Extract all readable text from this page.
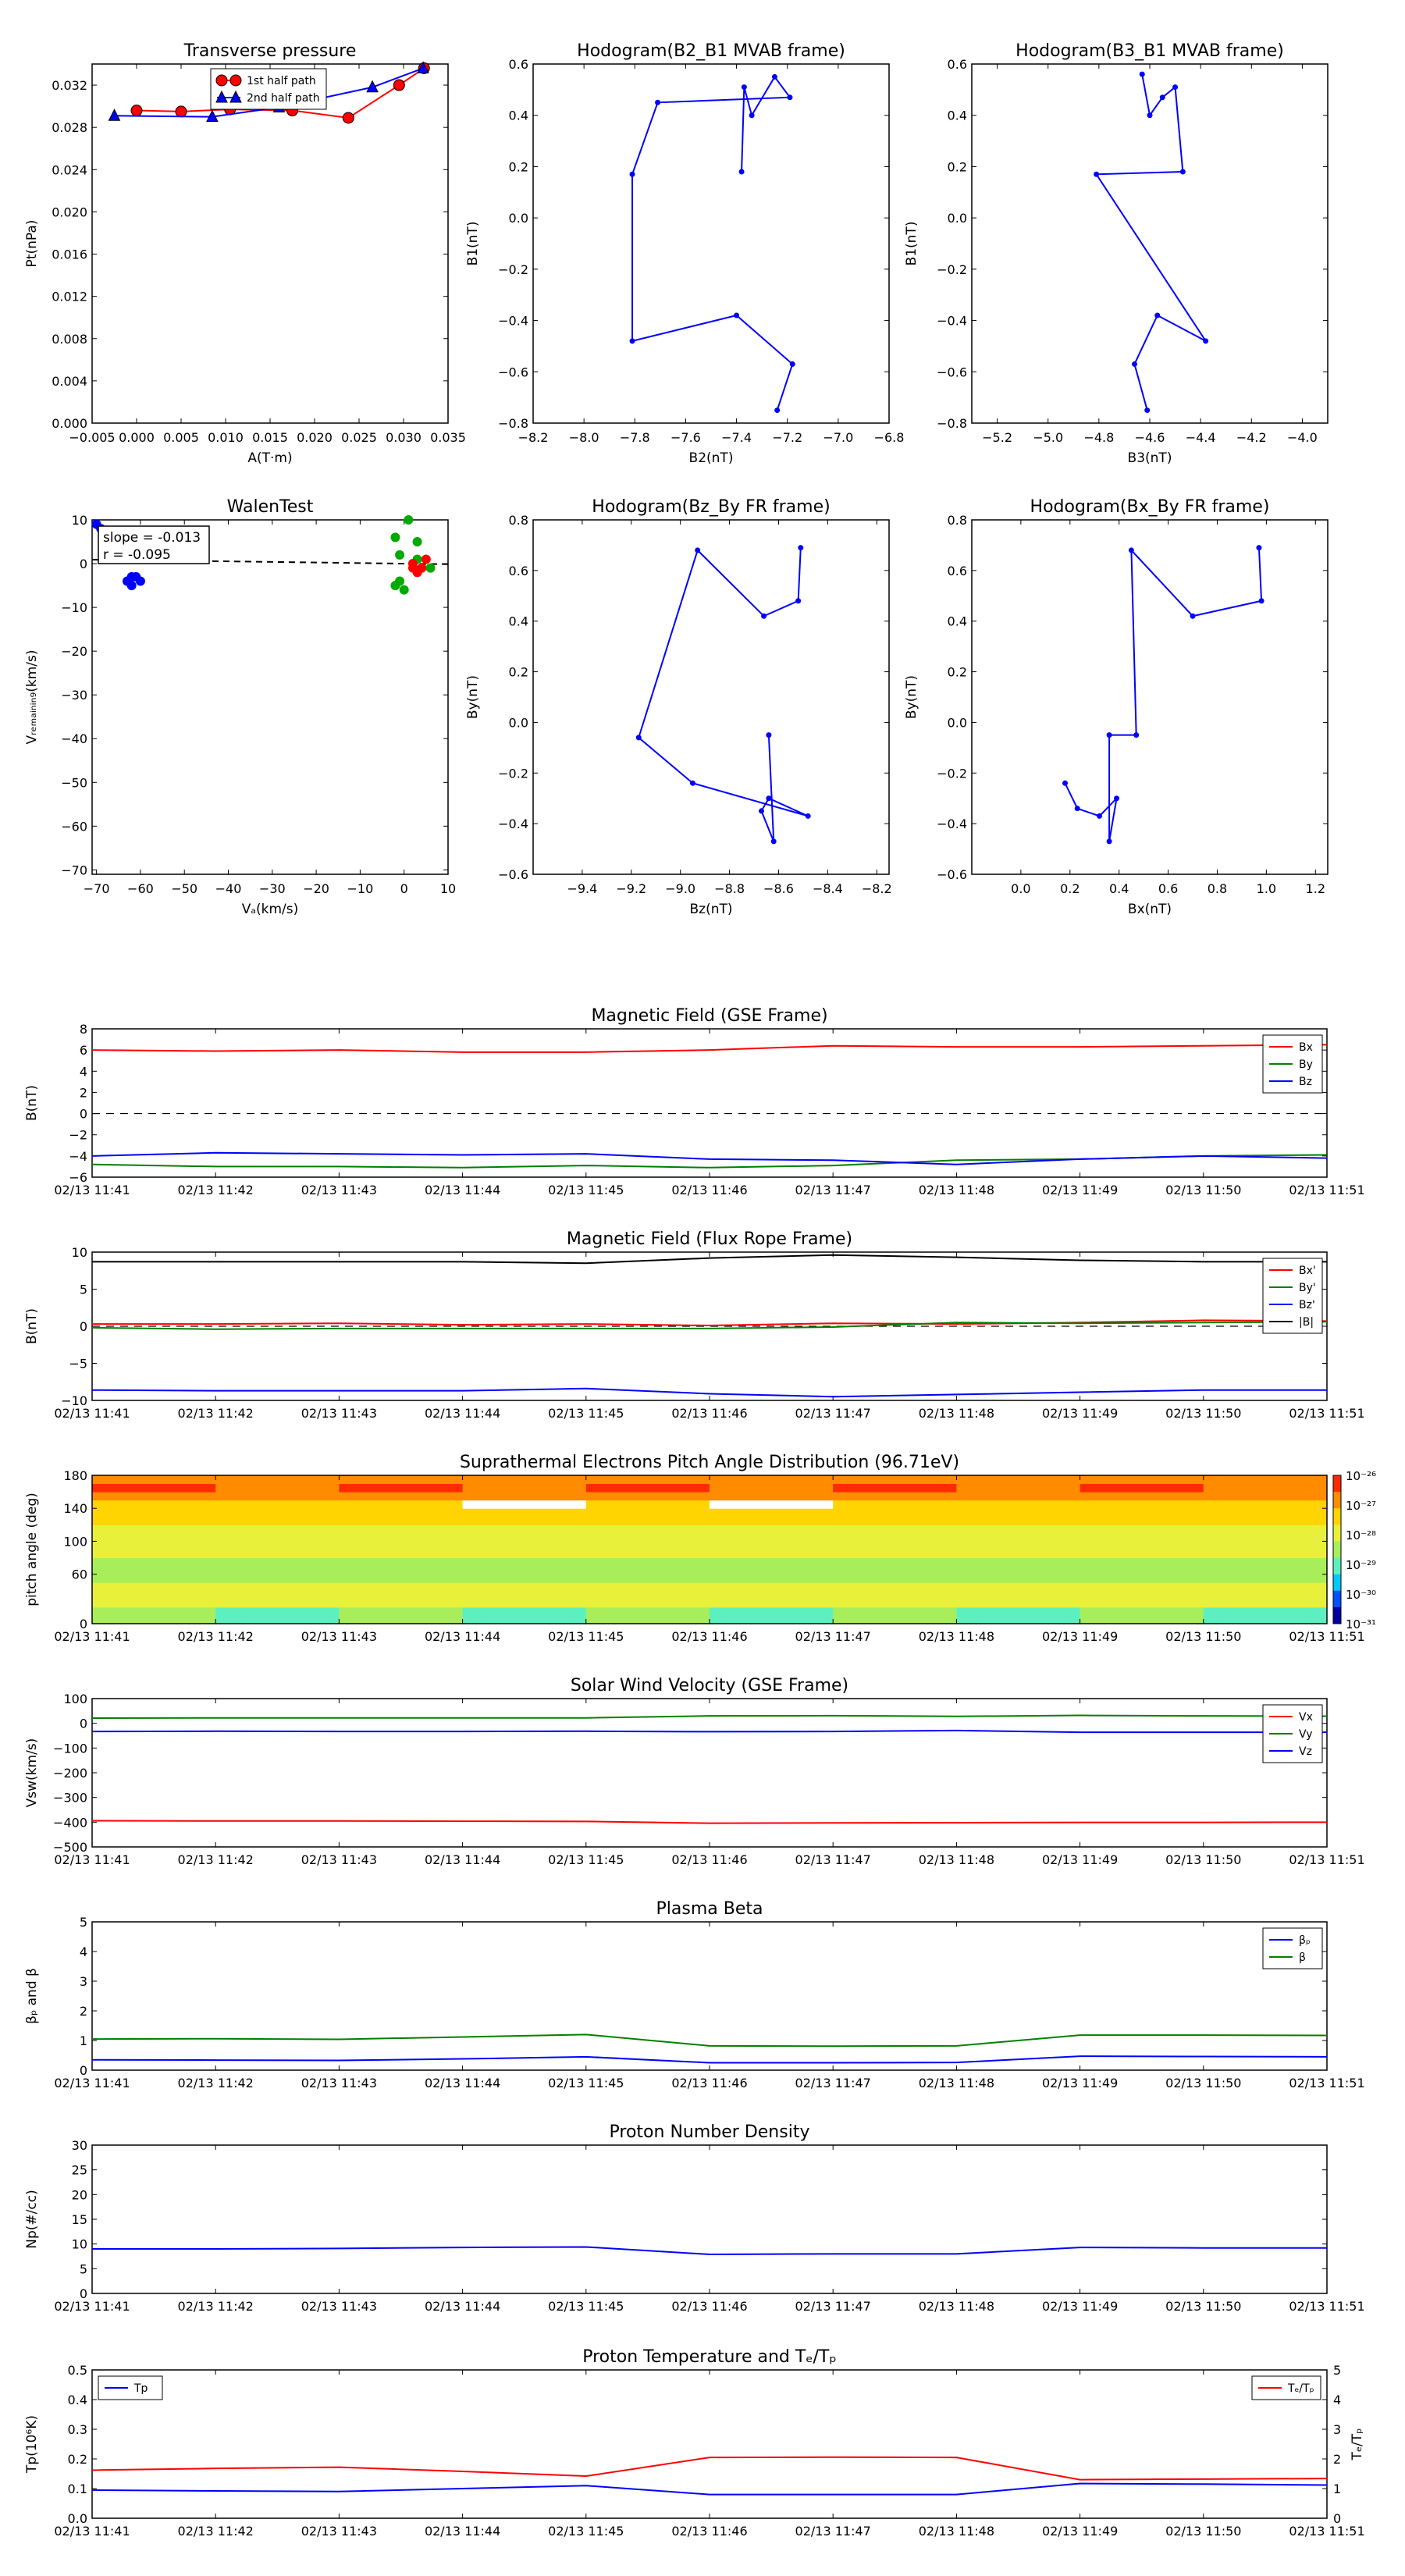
Transverse pressure
0.000
0.004
0.008
0.012
0.016
0.020
0.024
0.028
0.032
Pt(nPa)
−0.005 0.000 0.005 0.010 0.015 0.020 0.025 0.030 0.035
A(T·m)
1st half path
2nd half path
Hodogram(B2_B1 MVAB frame)
−0.8
−0.6
−0.4
−0.2
0.0
0.2
0.4
0.6
B1(nT)
−8.2 −8.0 −7.8 −7.6 −7.4 −7.2 −7.0 −6.8
B2(nT)
Hodogram(B3_B1 MVAB frame)
−0.8
−0.6
−0.4
−0.2
0.0
0.2
0.4
0.6
B1(nT)
−5.2 −5.0 −4.8 −4.6 −4.4 −4.2 −4.0
B3(nT)
WalenTest
−70
−60
−50
−40
−30
−20
−10
0
10
Vᵣₑₘₐᵢₙᵢₙ₉(km/s)
−70 −60 −50 −40 −30 −20 −10 0	10
Vₐ(km/s)
slope = -0.013
r = -0.095
Hodogram(Bz_By FR frame)
−0.6
−0.4
−0.2
0.0
0.2
0.4
0.6
0.8
By(nT)
−9.4 −9.2 −9.0 −8.8 −8.6 −8.4 −8.2
Bz(nT)
Hodogram(Bx_By FR frame)
−0.6
−0.4
−0.2
0.0
0.2
0.4
0.6
0.8
By(nT)
0.0 0.2 0.4 0.6 0.8 1.0 1.2
Bx(nT)
Magnetic Field (GSE Frame)
−6
−4
−2
0
2
4
6
8
B(nT)
02/13 11:41	02/13 11:42	02/13 11:43	02/13 11:44	02/13 11:45	02/13 11:46	02/13 11:47	02/13 11:48	02/13 11:49	02/13 11:50	02/13 11:51
Bx
By
Bz
Magnetic Field (Flux Rope Frame)
−10
−5
0
5
10
B(nT)
02/13 11:41	02/13 11:42	02/13 11:43	02/13 11:44	02/13 11:45	02/13 11:46	02/13 11:47	02/13 11:48	02/13 11:49	02/13 11:50	02/13 11:51
Bx'
By'
Bz'
|B|
Suprathermal Electrons Pitch Angle Distribution (96.71eV)
0
60
100
140
180
pitch angle (deg)
02/13 11:41	02/13 11:42	02/13 11:43	02/13 11:44	02/13 11:45	02/13 11:46	02/13 11:47	02/13 11:48	02/13 11:49	02/13 11:50	02/13 11:51
10⁻³¹
10⁻³⁰
10⁻²⁹
10⁻²⁸
10⁻²⁷
10⁻²⁶
Solar Wind Velocity (GSE Frame)
−500
−400
−300
−200
−100
0
100
Vsw(km/s)
02/13 11:41	02/13 11:42	02/13 11:43	02/13 11:44	02/13 11:45	02/13 11:46	02/13 11:47	02/13 11:48	02/13 11:49	02/13 11:50	02/13 11:51
Vx
Vy
Vz
Plasma Beta
0
1
2
3
4
5
βₚ and β
02/13 11:41	02/13 11:42	02/13 11:43	02/13 11:44	02/13 11:45	02/13 11:46	02/13 11:47	02/13 11:48	02/13 11:49	02/13 11:50	02/13 11:51
βₚ
β
Proton Number Density
0
5
10
15
20
25
30
Np(#/cc)
02/13 11:41	02/13 11:42	02/13 11:43	02/13 11:44	02/13 11:45	02/13 11:46	02/13 11:47	02/13 11:48	02/13 11:49	02/13 11:50	02/13 11:51
Proton Temperature and Tₑ/Tₚ
0.0
0.1
0.2
0.3
0.4
0.5
Tp(10⁶K)
02/13 11:41	02/13 11:42	02/13 11:43	02/13 11:44	02/13 11:45	02/13 11:46	02/13 11:47	02/13 11:48	02/13 11:49	02/13 11:50	02/13 11:51
0
1
2
3
4
5
Tₑ/Tₚ
Tp	Tₑ/Tₚ
